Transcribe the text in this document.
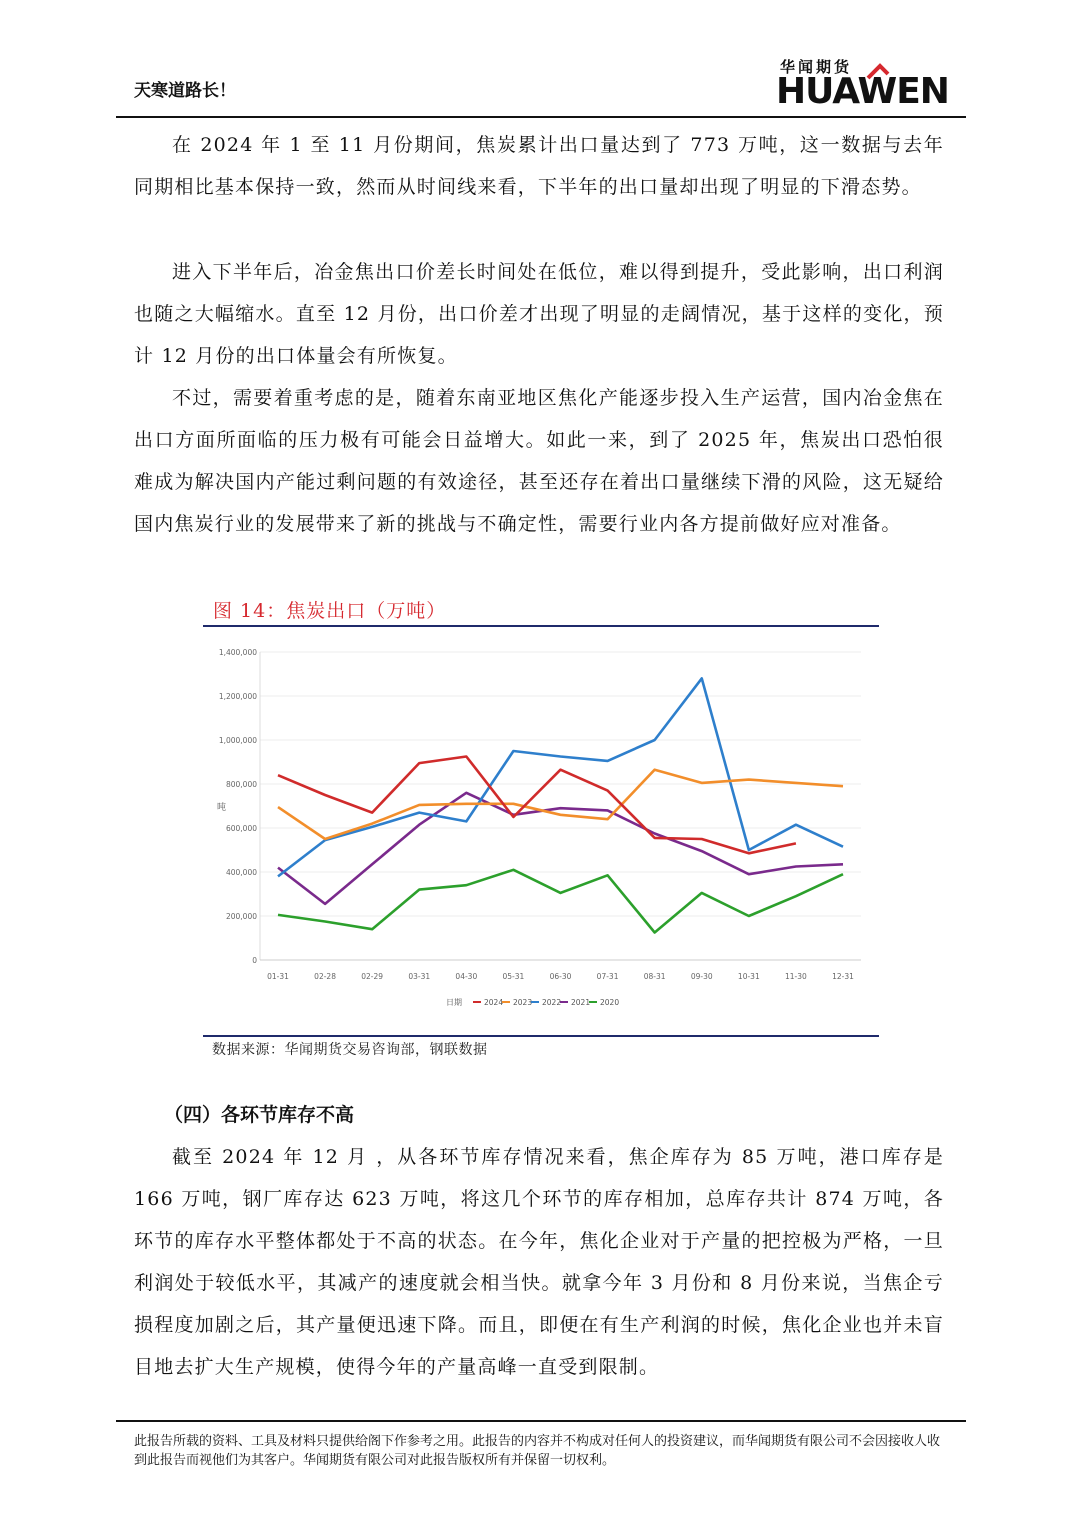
天寒道路长！
华闻期货
HUAWEN

在 2024 年 1 至 11 月份期间，焦炭累计出口量达到了 773 万吨，这一数据与去年同期相比基本保持一致，然而从时间线来看，下半年的出口量却出现了明显的下滑态势。

进入下半年后，冶金焦出口价差长时间处在低位，难以得到提升，受此影响，出口利润也随之大幅缩水。直至 12 月份，出口价差才出现了明显的走阔情况，基于这样的变化，预计 12 月份的出口体量会有所恢复。

不过，需要着重考虑的是，随着东南亚地区焦化产能逐步投入生产运营，国内冶金焦在出口方面所面临的压力极有可能会日益增大。如此一来，到了 2025 年，焦炭出口恐怕很难成为解决国内产能过剩问题的有效途径，甚至还存在着出口量继续下滑的风险，这无疑给国内焦炭行业的发展带来了新的挑战与不确定性，需要行业内各方提前做好应对准备。

图 14：焦炭出口（万吨）
0
200,000
400,000
600,000
800,000
1,000,000
1,200,000
1,400,000
01-31	02-28	02-29	03-31	04-30	05-31	06-30	07-31	08-31	09-30	10-31	11-30	12-31
吨
日期	2024 2023 2022 2021 2020
数据来源：华闻期货交易咨询部，钢联数据
（四）各环节库存不高

截至 2024 年 12 月 ，从各环节库存情况来看，焦企库存为 85 万吨，港口库存是 166 万吨，钢厂库存达 623 万吨，将这几个环节的库存相加，总库存共计 874 万吨，各环节的库存水平整体都处于不高的状态。在今年，焦化企业对于产量的把控极为严格，一旦利润处于较低水平，其减产的速度就会相当快。就拿今年 3 月份和 8 月份来说，当焦企亏损程度加剧之后，其产量便迅速下降。而且，即便在有生产利润的时候，焦化企业也并未盲目地去扩大生产规模，使得今年的产量高峰一直受到限制。

此报告所载的资料、工具及材料只提供给阁下作参考之用。此报告的内容并不构成对任何人的投资建议，而华闻期货有限公司不会因接收人收到此报告而视他们为其客户。华闻期货有限公司对此报告版权所有并保留一切权利。
